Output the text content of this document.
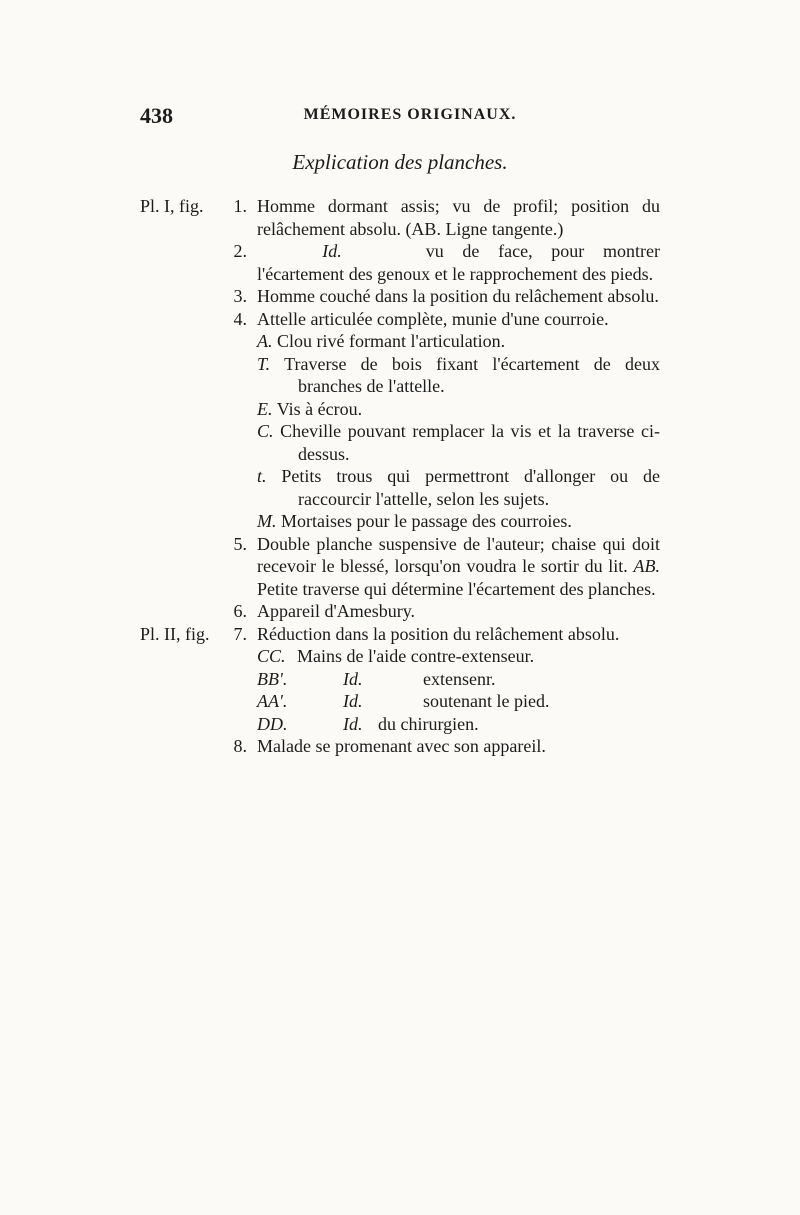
438	MÉMOIRES ORIGINAUX.
Explication des planches.
Pl. I, fig.	1. Homme dormant assis; vu de profil; position du relâchement absolu. (AB. Ligne tangente.)
2.	Id.	vu de face, pour montrer l'écartement des genoux et le rapprochement des pieds.
3. Homme couché dans la position du relâchement absolu.
4. Attelle articulée complète, munie d'une courroie.
A. Clou rivé formant l'articulation.
T. Traverse de bois fixant l'écartement de deux branches de l'attelle.
E. Vis à écrou.
C. Cheville pouvant remplacer la vis et la traverse ci-dessus.
t. Petits trous qui permettront d'allonger ou de raccourcir l'attelle, selon les sujets.
M. Mortaises pour le passage des courroies.
5. Double planche suspensive de l'auteur; chaise qui doit recevoir le blessé, lorsqu'on voudra le sortir du lit. AB. Petite traverse qui détermine l'écartement des planches.
6. Appareil d'Amesbury.
Pl. II, fig.	7. Réduction dans la position du relâchement absolu.
CC. Mains de l'aide contre-extenseur.
BB'.	Id.	extensenr.
AA'.	Id.	soutenant le pied.
DD.	Id. du chirurgien.
8. Malade se promenant avec son appareil.
